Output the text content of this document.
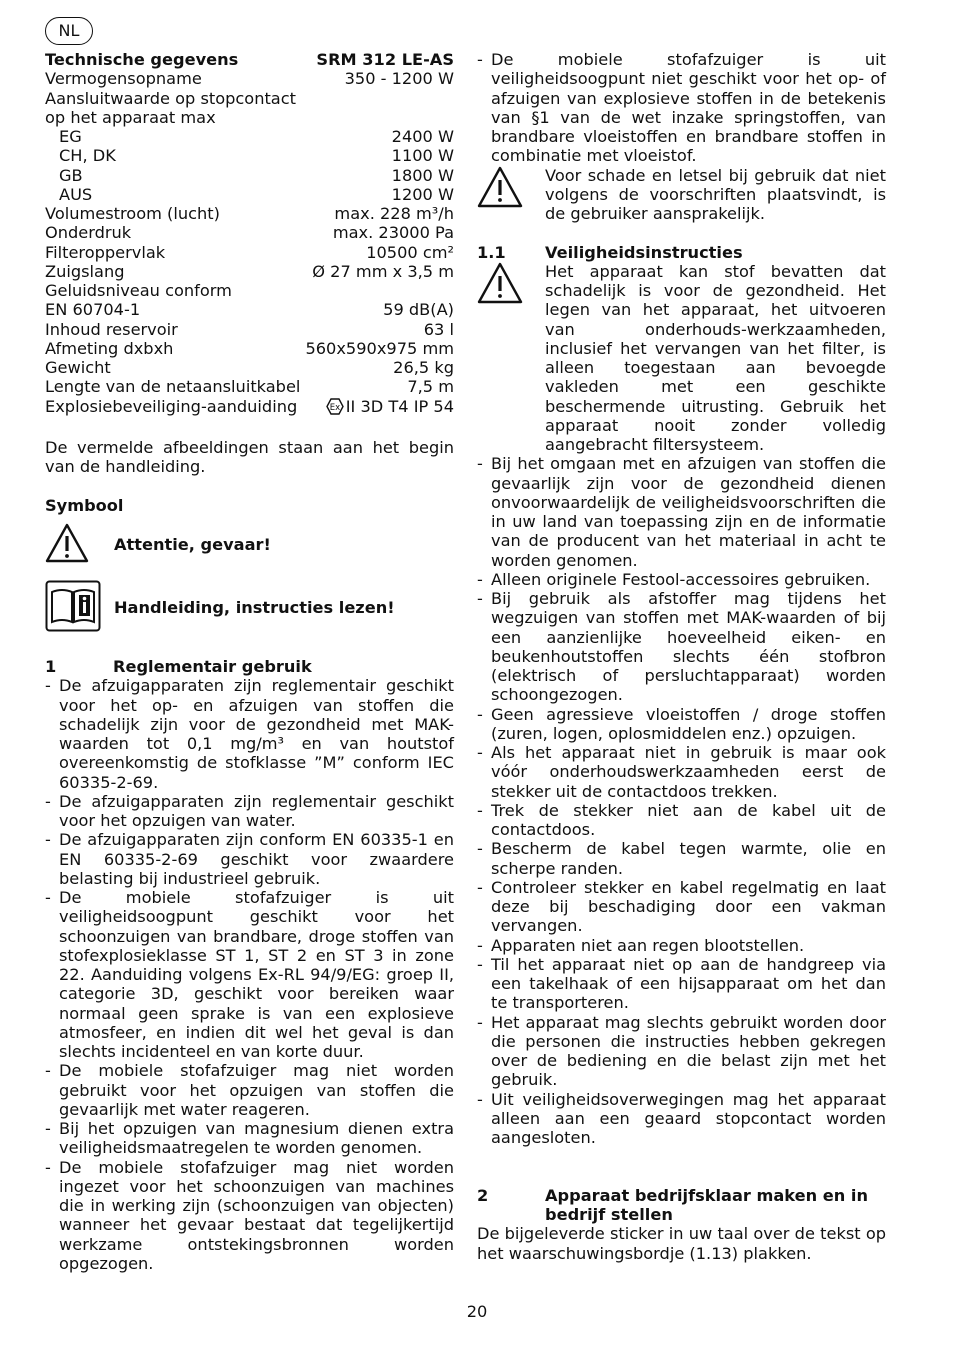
NL
Technische gegevens	SRM 312 LE-AS
Vermogensopname	350 - 1200 W
Aansluitwaarde op stopcontact
op het apparaat max
EG	2400 W
CH, DK	1100 W
GB	1800 W
AUS	1200 W
Volumestroom (lucht)	max. 228 m³/h
Onderdruk	max. 23000 Pa
Filteroppervlak	10500 cm²
Zuigslang	Ø 27 mm x 3,5 m
Geluidsniveau conform
EN 60704-1	59 dB(A)
Inhoud reservoir	63 l
Afmeting dxbxh	560x590x975 mm
Gewicht	26,5 kg
Lengte van de netaansluitkabel	7,5 m
Explosiebeveiliging-aanduiding	Ex II 3D T4 IP 54
De vermelde afbeeldingen staan aan het begin van de handleiding.
Symbool
Attentie, gevaar!
Handleiding, instructies lezen!
1	Reglementair gebruik
- De afzuigapparaten zijn reglementair geschikt voor het op- en afzuigen van stoffen die schadelijk zijn voor de gezondheid met MAK-waarden tot 0,1 mg/m³ en van houtstof overeenkomstig de stofklasse ”M” conform IEC 60335-2-69.
- De afzuigapparaten zijn reglementair geschikt voor het opzuigen van water.
- De afzuigapparaten zijn conform EN 60335-1 en EN 60335-2-69 geschikt voor zwaardere belasting bij industrieel gebruik.
- De mobiele stofafzuiger is uit veiligheidsoogpunt geschikt voor het schoonzuigen van brandbare, droge stoffen van stofexplosieklasse ST 1, ST 2 en ST 3 in zone 22. Aanduiding volgens Ex-RL 94/9/EG: groep II, categorie 3D, geschikt voor bereiken waar normaal geen sprake is van een explosieve atmosfeer, en indien dit wel het geval is dan slechts incidenteel en van korte duur.
- De mobiele stofafzuiger mag niet worden gebruikt voor het opzuigen van stoffen die gevaarlijk met water reageren.
- Bij het opzuigen van magnesium dienen extra veiligheidsmaatregelen te worden genomen.
- De mobiele stofafzuiger mag niet worden ingezet voor het schoonzuigen van machines die in werking zijn (schoonzuigen van objecten) wanneer het gevaar bestaat dat tegelijkertijd werkzame ontstekingsbronnen worden opgezogen.
- De mobiele stofafzuiger is uit veiligheidsoogpunt niet geschikt voor het op- of afzuigen van explosieve stoffen in de betekenis van §1 van de wet inzake springstoffen, van brandbare vloeistoffen en brandbare stoffen in combinatie met vloeistof.
Voor schade en letsel bij gebruik dat niet volgens de voorschriften plaatsvindt, is de gebruiker aansprakelijk.
1.1	Veiligheidsinstructies
Het apparaat kan stof bevatten dat schadelijk is voor de gezondheid. Het legen van het apparaat, het uitvoeren van onderhouds-werkzaamheden, inclusief het vervangen van het filter, is alleen toegestaan aan bevoegde vakleden met een geschikte beschermende uitrusting. Gebruik het apparaat nooit zonder volledig aangebracht filtersysteem.
- Bij het omgaan met en afzuigen van stoffen die gevaarlijk zijn voor de gezondheid dienen onvoorwaardelijk de veiligheidsvoorschriften die in uw land van toepassing zijn en de informatie van de producent van het materiaal in acht te worden genomen.
- Alleen originele Festool-accessoires gebruiken.
- Bij gebruik als afstoffer mag tijdens het wegzuigen van stoffen met MAK-waarden of bij een aanzienlijke hoeveelheid eiken- en beukenhoutstoffen slechts één stofbron (elektrisch of persluchtapparaat) worden schoongezogen.
- Geen agressieve vloeistoffen / droge stoffen (zuren, logen, oplosmiddelen enz.) opzuigen.
- Als het apparaat niet in gebruik is maar ook vóór onderhoudswerkzaamheden eerst de stekker uit de contactdoos trekken.
- Trek de stekker niet aan de kabel uit de contactdoos.
- Bescherm de kabel tegen warmte, olie en scherpe randen.
- Controleer stekker en kabel regelmatig en laat deze bij beschadiging door een vakman vervangen.
- Apparaten niet aan regen blootstellen.
- Til het apparaat niet op aan de handgreep via een takelhaak of een hijsapparaat om het dan te transporteren.
- Het apparaat mag slechts gebruikt worden door die personen die instructies hebben gekregen over de bediening en die belast zijn met het gebruik.
- Uit veiligheidsoverwegingen mag het apparaat alleen aan een geaard stopcontact worden aangesloten.
2	Apparaat bedrijfsklaar maken en in bedrijf stellen
De bijgeleverde sticker in uw taal over de tekst op het waarschuwingsbordje (1.13) plakken.
20
